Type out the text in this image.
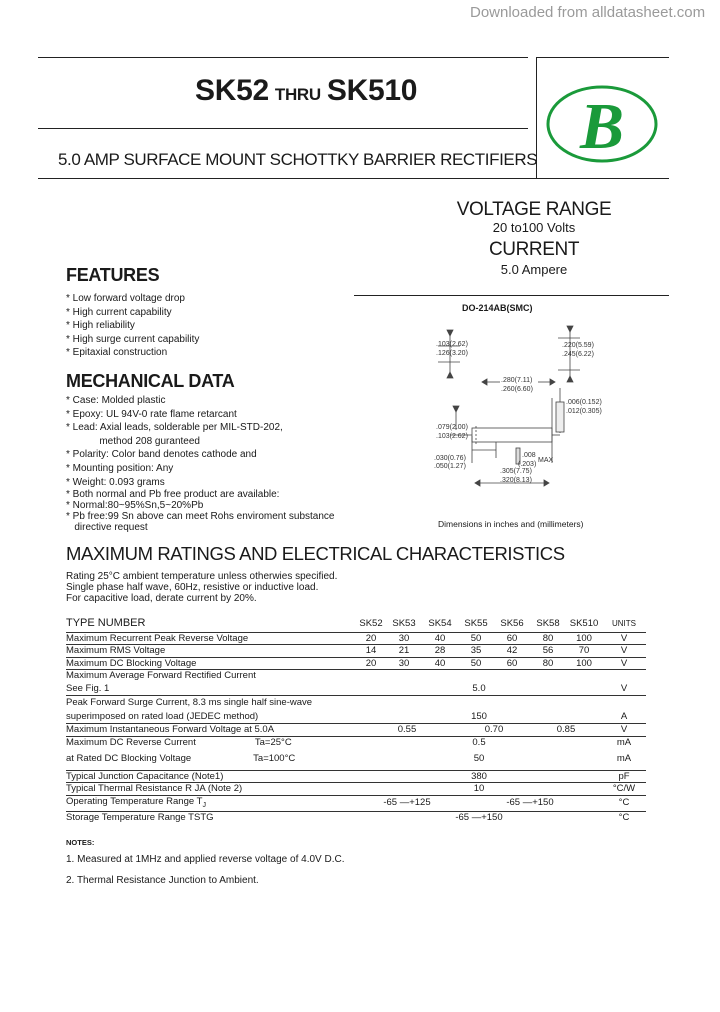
Downloaded from alldatasheet.com
SK52 THRU SK510
5.0 AMP SURFACE MOUNT SCHOTTKY BARRIER RECTIFIERS B
VOLTAGE RANGE
20 to100 Volts
CURRENT
5.0 Ampere
FEATURES
* Low forward voltage drop
* High current capability
* High reliability
* High surge current capability
* Epitaxial construction
MECHANICAL DATA
* Case: Molded plastic
* Epoxy: UL 94V-0 rate flame retarcant
* Lead: Axial leads, solderable per MIL-STD-202,
method 208 guranteed
* Polarity: Color band denotes cathode and
* Mounting position: Any
* Weight: 0.093 grams
* Both normal and Pb free product are available:
* Normal:80~95%Sn,5~20%Pb
* Pb free:99 Sn above can meet Rohs enviroment substance
directive request
DO-214AB(SMC)
.103(2.62)
.126(3.20)
.220(5.59)
.245(6.22)
.280(7.11)
.260(6.60)
.006(0.152)
.012(0.305)
.079(2.00)
.103(2.62)
.030(0.76)
.050(1.27)
.008
(.203)
MAX
.305(7.75)
.320(8.13)
Dimensions in inches and (millimeters)
MAXIMUM RATINGS AND ELECTRICAL CHARACTERISTICS
Rating 25°C ambient temperature unless otherwies specified.
Single phase half wave, 60Hz, resistive or inductive load.
For capacitive load, derate current by 20%.
TYPE NUMBER	SK52	SK53	SK54	SK55	SK56	SK58	SK510	UNITS
Maximum Recurrent Peak Reverse Voltage	20	30	40	50	60	80	100	V
Maximum RMS Voltage	14	21	28	35	42	56	70	V
Maximum DC Blocking Voltage	20	30	40	50	60	80	100	V
Maximum Average Forward Rectified Current								
See Fig. 1	5.0							V
Peak Forward Surge Current, 8.3 ms single half sine-wave								
superimposed on rated load (JEDEC method)	150							A
Maximum Instantaneous Forward Voltage at 5.0A	0.55			0.70		0.85		V
Maximum DC Reverse Current Ta=25°C	0.5							mA
at Rated DC Blocking Voltage Ta=100°C	50							mA
Typical Junction Capacitance (Note1)	380							pF
Typical Thermal Resistance R JA (Note 2)	10							°C/W
Operating Temperature Range $T_J$	-65 —+125			-65 —+150				°C
Storage Temperature Range TSTG	-65 —+150							°C
NOTES:
1. Measured at 1MHz and applied reverse voltage of 4.0V D.C.
2. Thermal Resistance Junction to Ambient.
